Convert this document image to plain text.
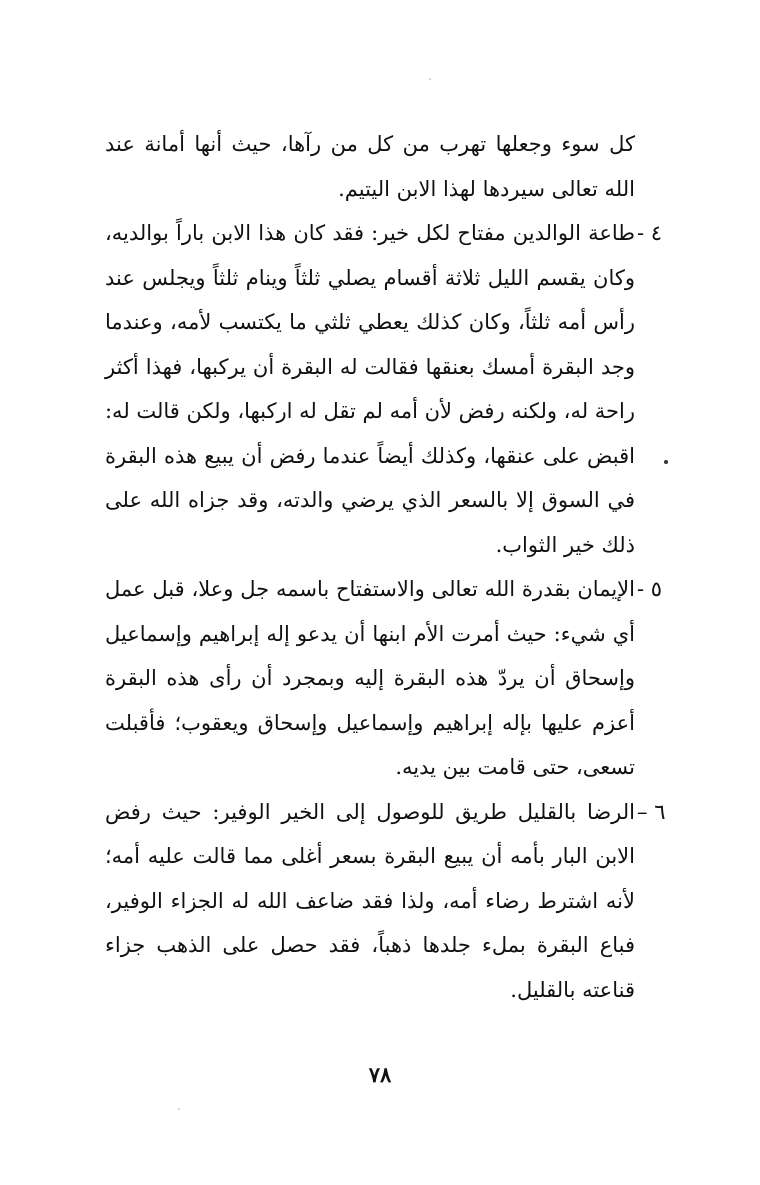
كل سوء وجعلها تهرب من كل من رآها، حيث أنها أمانة عند الله تعالى سيردها لهذا الابن اليتيم.

٤ -

طاعة الوالدين مفتاح لكل خير: فقد كان هذا الابن باراً بوالديه، وكان يقسم الليل ثلاثة أقسام يصلي ثلثاً وينام ثلثاً ويجلس عند رأس أمه ثلثاً، وكان كذلك يعطي ثلثي ما يكتسب لأمه، وعندما وجد البقرة أمسك بعنقها فقالت له البقرة أن يركبها، فهذا أكثر راحة له، ولكنه رفض لأن أمه لم تقل له اركبها، ولكن قالت له: اقبض على عنقها، وكذلك أيضاً عندما رفض أن يبيع هذه البقرة في السوق إلا بالسعر الذي يرضي والدته، وقد جزاه الله على ذلك خير الثواب.

٥ -

الإيمان بقدرة الله تعالى والاستفتاح باسمه جل وعلا، قبل عمل أي شيء: حيث أمرت الأم ابنها أن يدعو إله إبراهيم وإسماعيل وإسحاق أن يردّ هذه البقرة إليه وبمجرد أن رأى هذه البقرة أعزم عليها بإله إبراهيم وإسماعيل وإسحاق ويعقوب؛ فأقبلت تسعى، حتى قامت بين يديه.

٦ –

الرضا بالقليل طريق للوصول إلى الخير الوفير: حيث رفض الابن البار بأمه أن يبيع البقرة بسعر أغلى مما قالت عليه أمه؛ لأنه اشترط رضاء أمه، ولذا فقد ضاعف الله له الجزاء الوفير، فباع البقرة بملء جلدها ذهباً، فقد حصل على الذهب جزاء قناعته بالقليل.

٧٨
